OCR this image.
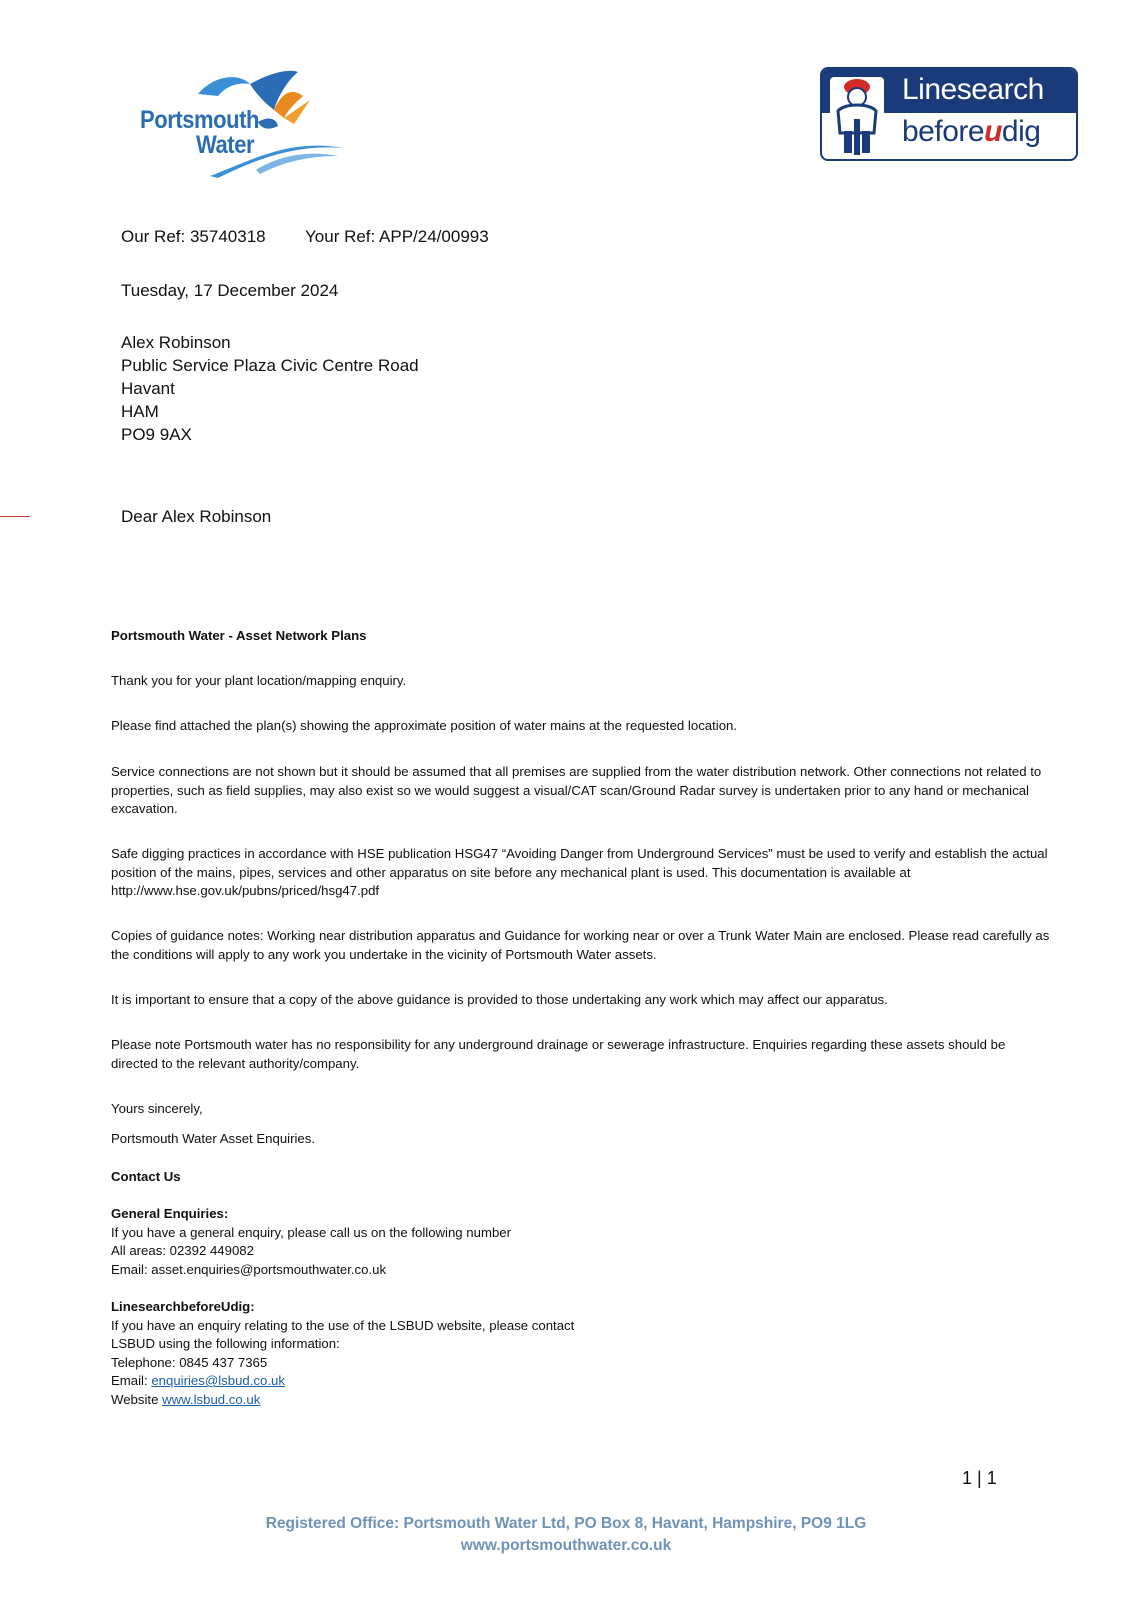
Portsmouth
Water
Linesearch
beforeudig
Our Ref: 35740318 Your Ref: APP/24/00993
Tuesday, 17 December 2024
Alex Robinson
Public Service Plaza Civic Centre Road
Havant
HAM
PO9 9AX
Dear Alex Robinson
Portsmouth Water - Asset Network Plans
Thank you for your plant location/mapping enquiry.
Please find attached the plan(s) showing the approximate position of water mains at the requested location.
Service connections are not shown but it should be assumed that all premises are supplied from the water distribution network. Other connections not related to properties, such as field supplies, may also exist so we would suggest a visual/CAT scan/Ground Radar survey is undertaken prior to any hand or mechanical excavation.
Safe digging practices in accordance with HSE publication HSG47 “Avoiding Danger from Underground Services” must be used to verify and establish the actual position of the mains, pipes, services and other apparatus on site before any mechanical plant is used. This documentation is available at http://www.hse.gov.uk/pubns/priced/hsg47.pdf
Copies of guidance notes: Working near distribution apparatus and Guidance for working near or over a Trunk Water Main are enclosed. Please read carefully as the conditions will apply to any work you undertake in the vicinity of Portsmouth Water assets.
It is important to ensure that a copy of the above guidance is provided to those undertaking any work which may affect our apparatus.
Please note Portsmouth water has no responsibility for any underground drainage or sewerage infrastructure. Enquiries regarding these assets should be directed to the relevant authority/company.
Yours sincerely,
Portsmouth Water Asset Enquiries.
Contact Us
General Enquiries:
If you have a general enquiry, please call us on the following number
All areas: 02392 449082
Email: asset.enquiries@portsmouthwater.co.uk
LinesearchbeforeUdig:
If you have an enquiry relating to the use of the LSBUD website, please contact
LSBUD using the following information:
Telephone: 0845 437 7365
Email: enquiries@lsbud.co.uk
Website www.lsbud.co.uk
1 | 1
Registered Office: Portsmouth Water Ltd, PO Box 8, Havant, Hampshire, PO9 1LG
www.portsmouthwater.co.uk
